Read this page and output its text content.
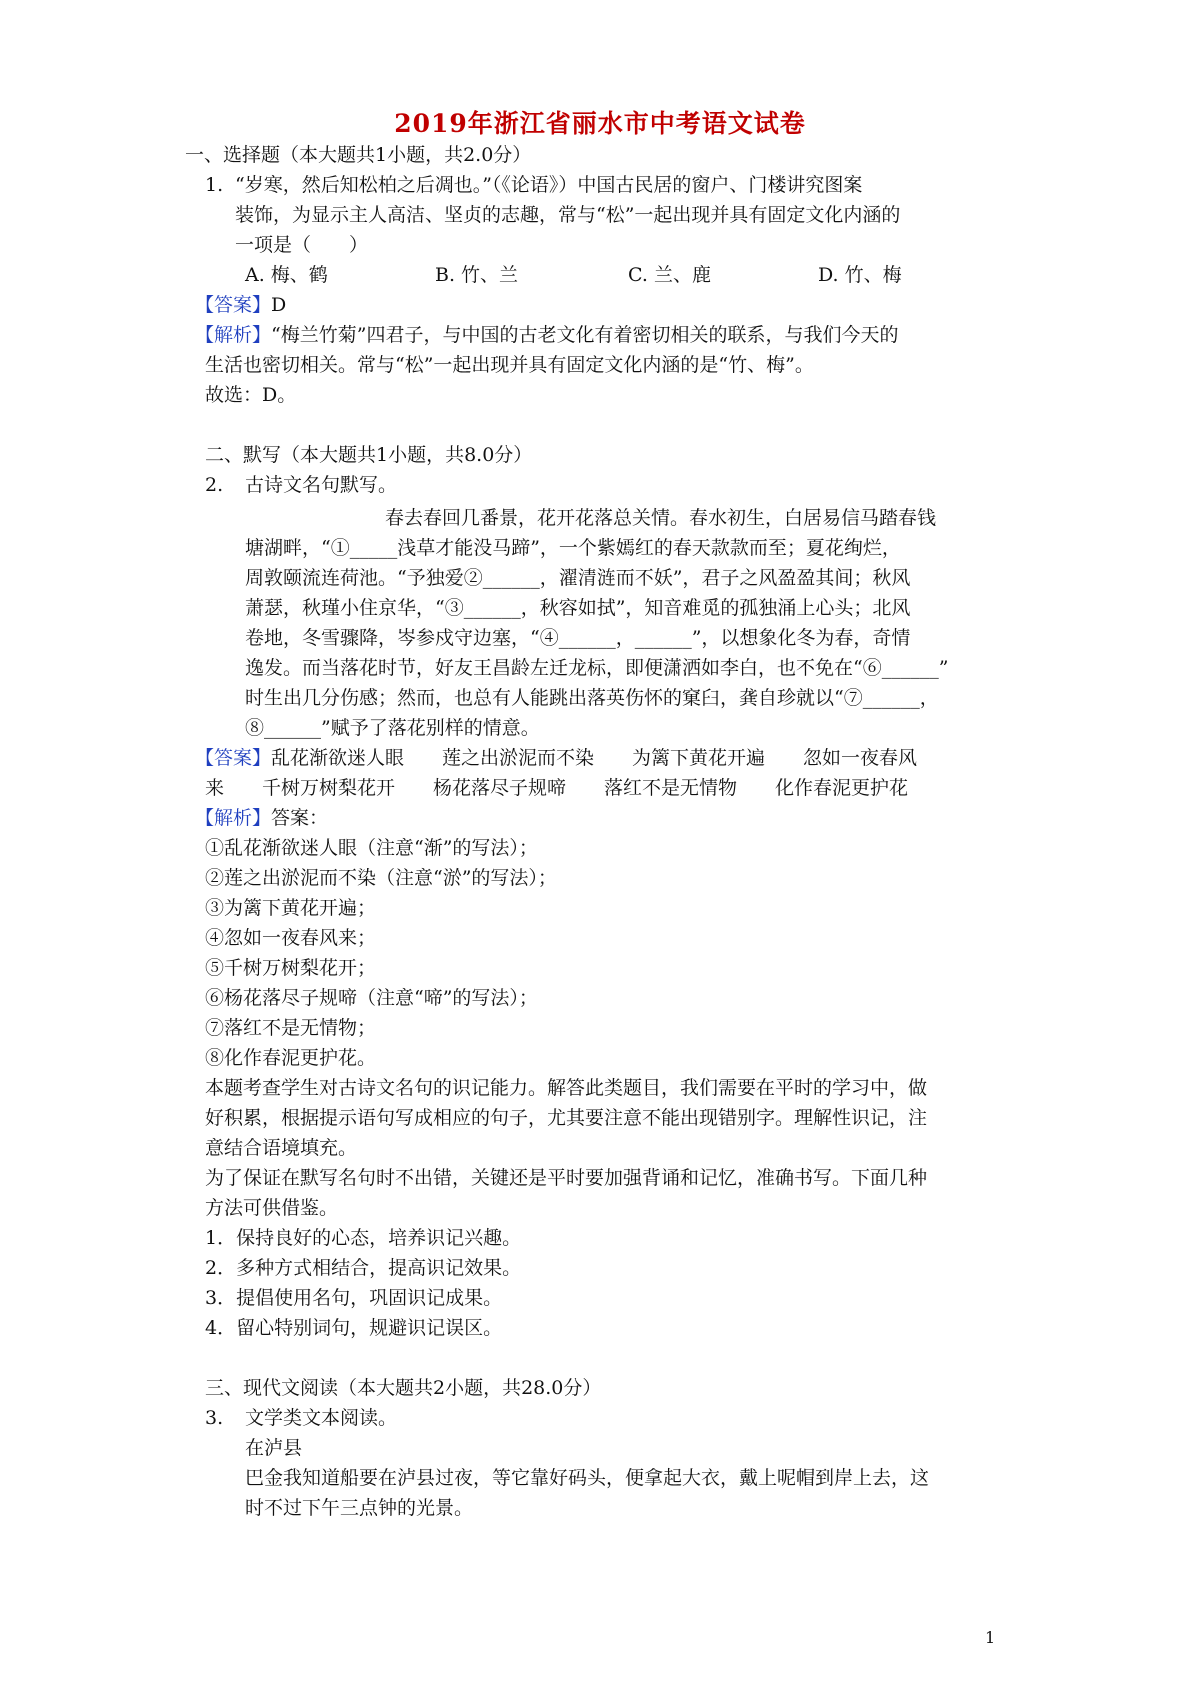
2019年浙江省丽水市中考语文试卷
一、选择题（本大题共1小题，共2.0分）
1. “岁寒，然后知松柏之后凋也。”（《论语》）中国古民居的窗户、门楼讲究图案
装饰，为显示主人高洁、坚贞的志趣，常与“松”一起出现并具有固定文化内涵的
一项是（　　）
A. 梅、鹤	B. 竹、兰	C. 兰、鹿	D. 竹、梅
【答案】D
【解析】“梅兰竹菊”四君子，与中国的古老文化有着密切相关的联系，与我们今天的
生活也密切相关。常与“松”一起出现并具有固定文化内涵的是“竹、梅”。
故选：D。
二、默写（本大题共1小题，共8.0分）
2. 古诗文名句默写。
春去春回几番景，花开花落总关情。春水初生，白居易信马踏春钱
塘湖畔，“①_____浅草才能没马蹄”，一个紫嫣红的春天款款而至；夏花绚烂，
周敦颐流连荷池。“予独爱②______，濯清涟而不妖”，君子之风盈盈其间；秋风
萧瑟，秋瑾小住京华，“③______，秋容如拭”，知音难觅的孤独涌上心头；北风
卷地，冬雪骤降，岑参戍守边塞，“④______，______”，以想象化冬为春，奇情
逸发。而当落花时节，好友王昌龄左迁龙标，即便潇洒如李白，也不免在“⑥______”
时生出几分伤感；然而，也总有人能跳出落英伤怀的窠臼，龚自珍就以“⑦______，
⑧______”赋予了落花别样的情意。
【答案】乱花渐欲迷人眼　　莲之出淤泥而不染　　为篱下黄花开遍　　忽如一夜春风
来　　千树万树梨花开　　杨花落尽子规啼　　落红不是无情物　　化作春泥更护花
【解析】答案：
①乱花渐欲迷人眼（注意“渐”的写法）；
②莲之出淤泥而不染（注意“淤”的写法）；
③为篱下黄花开遍；
④忽如一夜春风来；
⑤千树万树梨花开；
⑥杨花落尽子规啼（注意“啼”的写法）；
⑦落红不是无情物；
⑧化作春泥更护花。
本题考查学生对古诗文名句的识记能力。解答此类题目，我们需要在平时的学习中，做
好积累，根据提示语句写成相应的句子，尤其要注意不能出现错别字。理解性识记，注
意结合语境填充。
为了保证在默写名句时不出错，关键还是平时要加强背诵和记忆，准确书写。下面几种
方法可供借鉴。
1．保持良好的心态，培养识记兴趣。
2．多种方式相结合，提高识记效果。
3．提倡使用名句，巩固识记成果。
4．留心特别词句，规避识记误区。
三、现代文阅读（本大题共2小题，共28.0分）
3. 文学类文本阅读。
在泸县
巴金我知道船要在泸县过夜，等它靠好码头，便拿起大衣，戴上呢帽到岸上去，这
时不过下午三点钟的光景。
1
